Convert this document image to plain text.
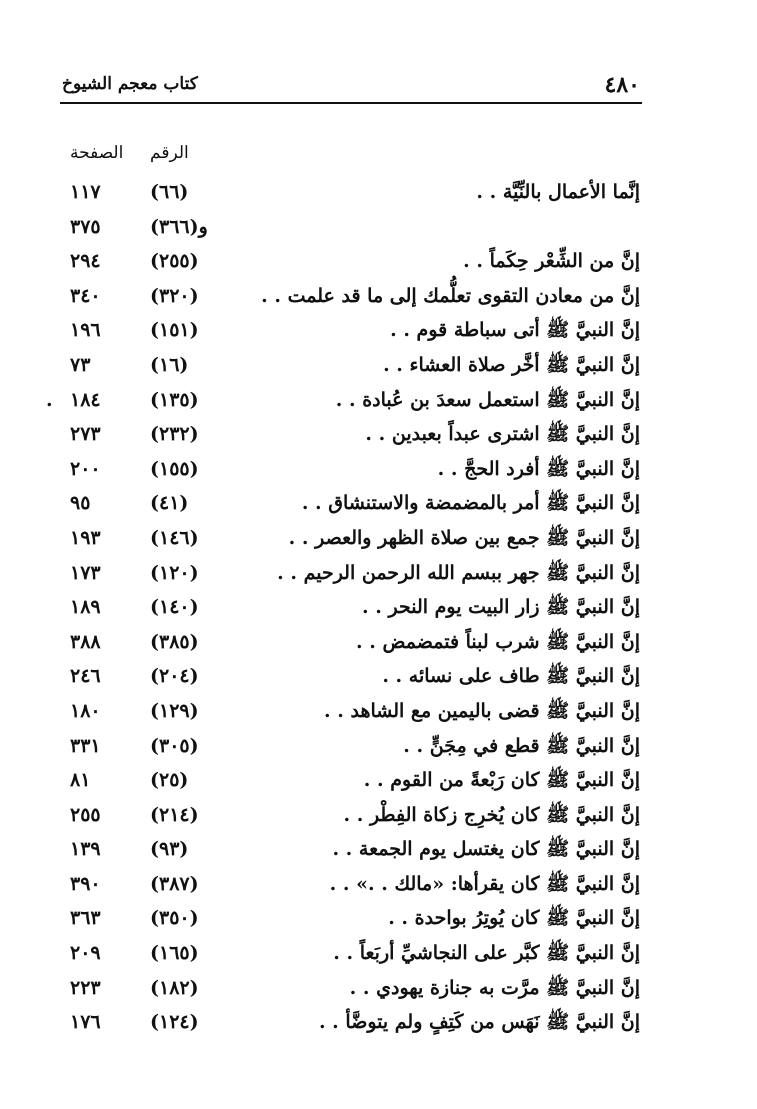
٤٨٠
كتاب معجم الشيوخ
الرقم
الصفحة
إنَّما الأعمال بالنِّيَّة . .
(٦٦)
١١٧
و(٣٦٦)
٣٧٥
إنَّ من الشِّعْر حِكَماً . .
(٢٥٥)
٢٩٤
إنَّ من معادن التقوى تعلُّمك إلى ما قد علمت . .
(٣٢٠)
٣٤٠
إنَّ النبيَّ ﷺ أتى سباطة قوم . .
(١٥١)
١٩٦
إنَّ النبيَّ ﷺ أخَّر صلاة العشاء . .
(١٦)
٧٣
إنَّ النبيَّ ﷺ استعمل سعدَ بن عُبادة . .
(١٣٥)
١٨٤
.
إنَّ النبيَّ ﷺ اشترى عبداً بعبدين . .
(٢٣٢)
٢٧٣
إنَّ النبيَّ ﷺ أفرد الحجَّ . .
(١٥٥)
٢٠٠
إنَّ النبيَّ ﷺ أمر بالمضمضة والاستنشاق . .
(٤١)
٩٥
إنَّ النبيَّ ﷺ جمع بين صلاة الظهر والعصر . .
(١٤٦)
١٩٣
إنَّ النبيَّ ﷺ جهر ببسم الله الرحمن الرحيم . .
(١٢٠)
١٧٣
إنَّ النبيَّ ﷺ زار البيت يوم النحر . .
(١٤٠)
١٨٩
إنَّ النبيَّ ﷺ شرب لبناً فتمضمض . .
(٣٨٥)
٣٨٨
إنَّ النبيَّ ﷺ طاف على نسائه . .
(٢٠٤)
٢٤٦
إنَّ النبيَّ ﷺ قضى باليمين مع الشاهد . .
(١٢٩)
١٨٠
إنَّ النبيَّ ﷺ قطع في مِجَنٍّ . .
(٣٠٥)
٣٣١
إنَّ النبيَّ ﷺ كان رَبْعةً من القوم . .
(٢٥)
٨١
إنَّ النبيَّ ﷺ كان يُخرِج زكاة الفِطْر . .
(٢١٤)
٢٥٥
إنَّ النبيَّ ﷺ كان يغتسل يوم الجمعة . .
(٩٣)
١٣٩
إنَّ النبيَّ ﷺ كان يقرأها: «مالك . .» . .
(٣٨٧)
٣٩٠
إنَّ النبيَّ ﷺ كان يُوتِرُ بواحدة . .
(٣٥٠)
٣٦٣
إنَّ النبيَّ ﷺ كبَّر على النجاشيِّ أربَعاً . .
(١٦٥)
٢٠٩
إنَّ النبيَّ ﷺ مرَّت به جنازة يهودي . .
(١٨٢)
٢٢٣
إنَّ النبيَّ ﷺ نَهَس من كَتِفٍ ولم يتوضَّأ . .
(١٢٤)
١٧٦
